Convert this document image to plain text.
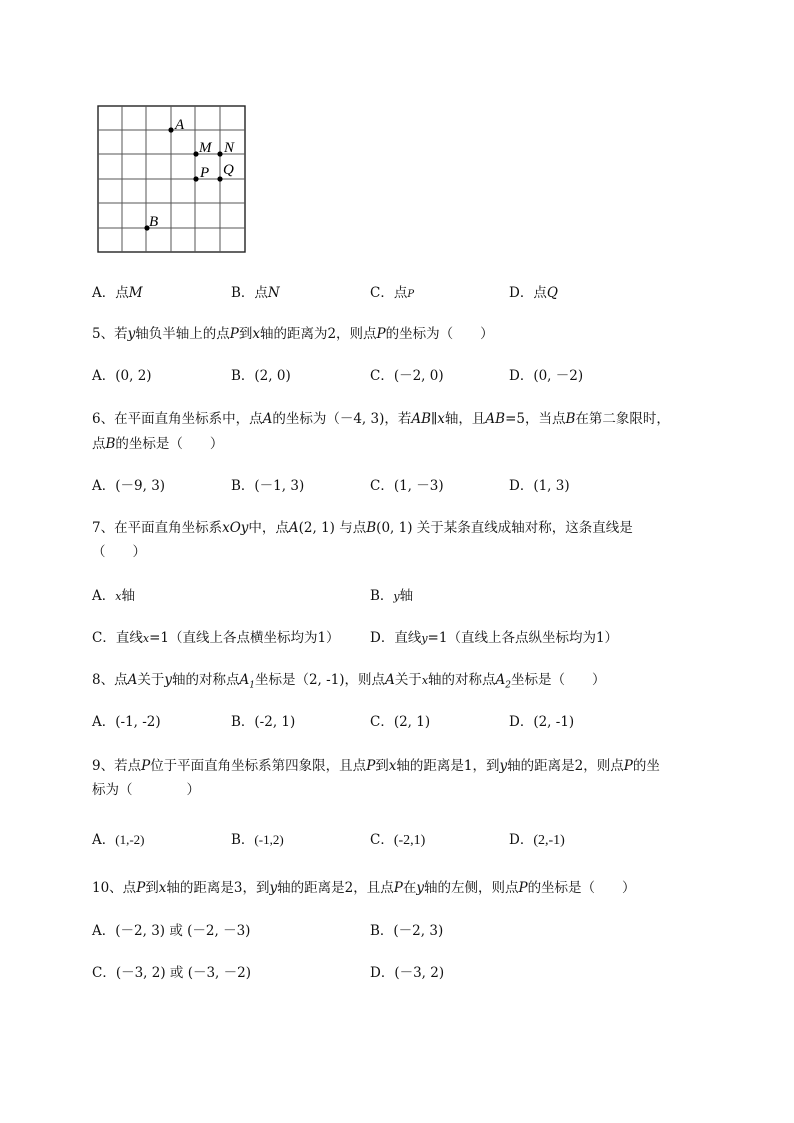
A
M N
P Q
B
A．点M	B．点N	C．点P	D．点Q
5、若y轴负半轴上的点P到x轴的距离为2，则点P的坐标为（　　）
A．(0, 2)	B．(2, 0)	C．(－2, 0)	D．(0, －2)
6、在平面直角坐标系中，点A的坐标为（－4, 3)，若AB∥x轴，且AB=5，当点B在第二象限时，
点B的坐标是（　　）
A．(－9, 3)	B．(－1, 3)	C．(1, －3)	D．(1, 3)
7、在平面直角坐标系xOy中，点A(2, 1) 与点B(0, 1) 关于某条直线成轴对称，这条直线是
（　　）
A．x轴	B．y轴
C．直线x=1（直线上各点横坐标均为1） D．直线y=1（直线上各点纵坐标均为1）
8、点A关于y轴的对称点$A_1$坐标是（2, -1)，则点A关于x轴的对称点$A_2$坐标是（　　）
A．(-1, -2)	B．(-2, 1)	C．(2, 1)	D．(2, -1)
9、若点P位于平面直角坐标系第四象限，且点P到x轴的距离是1，到y轴的距离是2，则点P的坐
标为（　　　　）
A．(1,-2)	B．(-1,2)	C．(-2,1)	D．(2,-1)
10、点P到x轴的距离是3，到y轴的距离是2，且点P在y轴的左侧，则点P的坐标是（　　）
A．(－2, 3) 或 (－2, －3)	B．(－2, 3)
C．(－3, 2) 或 (－3, －2)	D．(－3, 2)
